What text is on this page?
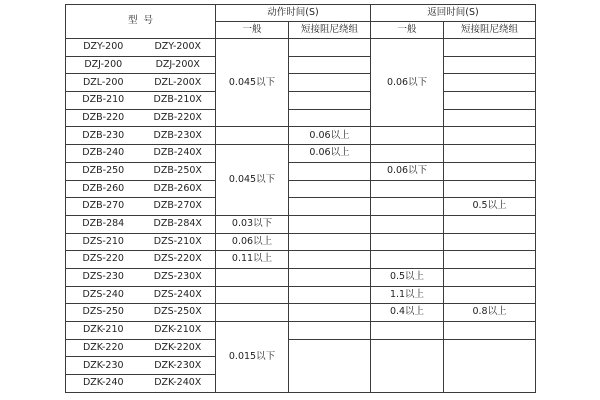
型  号	动作时间(S)		返回时间(S)	
	一般	短接阻尼绕组	一般	短接阻尼绕组

DZY-200 DZY-200X	0.045以下		0.06以下	

DZJ-200 DZJ-200X				

DZL-200 DZL-200X				

DZB-210 DZB-210X				

DZB-220 DZB-220X				

DZB-230 DZB-230X		0.06以上		

DZB-240 DZB-240X	0.045以下	0.06以上		

DZB-250 DZB-250X			0.06以下	

DZB-260 DZB-260X				

DZB-270 DZB-270X				0.5以上

DZB-284 DZB-284X	0.03以下			

DZS-210 DZS-210X	0.06以上			

DZS-220 DZS-220X	0.11以上			

DZS-230 DZS-230X			0.5以上	

DZS-240 DZS-240X			1.1以上	

DZS-250 DZS-250X			0.4以上	0.8以上

DZK-210 DZK-210X	0.015以下			

DZK-220 DZK-220X				

DZK-230 DZK-230X				

DZK-240 DZK-240X				
